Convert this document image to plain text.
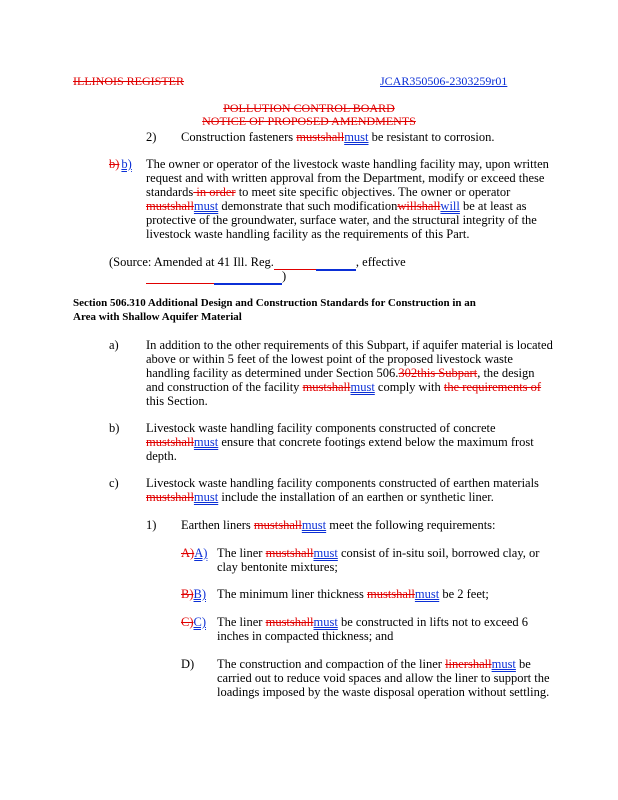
ILLINOIS REGISTER	JCAR350506-2303259r01
POLLUTION CONTROL BOARD
NOTICE OF PROPOSED AMENDMENTS
2) Construction fasteners mustshallmust be resistant to corrosion.
b) b) The owner or operator of the livestock waste handling facility may, upon written
request and with written approval from the Department, modify or exceed these
standards in order to meet site specific objectives. The owner or operator
mustshallmust demonstrate that such modificationwillshallwill be at least as
protective of the groundwater, surface water, and the structural integrity of the
livestock waste handling facility as the requirements of this Part.
(Source: Amended at 41 Ill. Reg.	, effective
)
Section 506.310 Additional Design and Construction Standards for Construction in an
Area with Shallow Aquifer Material
a) In addition to the other requirements of this Subpart, if aquifer material is located
above or within 5 feet of the lowest point of the proposed livestock waste
handling facility as determined under Section 506.302this Subpart, the design
and construction of the facility mustshallmust comply with the requirements of
this Section.
b) Livestock waste handling facility components constructed of concrete
mustshallmust ensure that concrete footings extend below the maximum frost
depth.
c) Livestock waste handling facility components constructed of earthen materials
mustshallmust include the installation of an earthen or synthetic liner.
1) Earthen liners mustshallmust meet the following requirements:
A)A) The liner mustshallmust consist of in-situ soil, borrowed clay, or
clay bentonite mixtures;
B)B) The minimum liner thickness mustshallmust be 2 feet;
C)C) The liner mustshallmust be constructed in lifts not to exceed 6
inches in compacted thickness; and
D) The construction and compaction of the liner linershallmust be
carried out to reduce void spaces and allow the liner to support the
loadings imposed by the waste disposal operation without settling.
